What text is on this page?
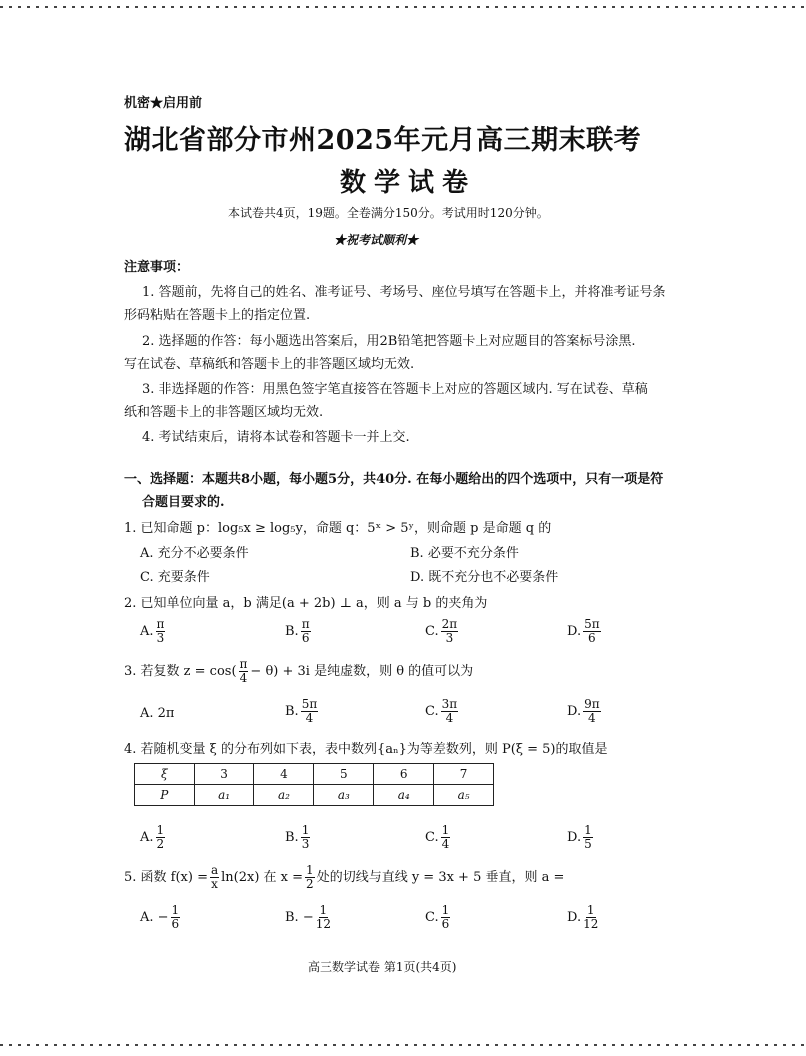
机密★启用前
湖北省部分市州2025年元月高三期末联考
数学试卷
本试卷共4页，19题。全卷满分150分。考试用时120分钟。
★祝考试顺利★
注意事项：
1. 答题前，先将自己的姓名、准考证号、考场号、座位号填写在答题卡上，并将准考证号条
形码粘贴在答题卡上的指定位置.
2. 选择题的作答：每小题选出答案后，用2B铅笔把答题卡上对应题目的答案标号涂黑.
写在试卷、草稿纸和答题卡上的非答题区域均无效.
3. 非选择题的作答：用黑色签字笔直接答在答题卡上对应的答题区域内. 写在试卷、草稿
纸和答题卡上的非答题区域均无效.
4. 考试结束后，请将本试卷和答题卡一并上交.
一、选择题：本题共8小题，每小题5分，共40分. 在每小题给出的四个选项中，只有一项是符
合题目要求的.
1. 已知命题 p：log₅x ≥ log₅y，命题 q：5ˣ > 5ʸ，则命题 p 是命题 q 的
A. 充分不必要条件	B. 必要不充分条件
C. 充要条件	D. 既不充分也不必要条件
2. 已知单位向量 a，b 满足(a + 2b) ⊥ a，则 a 与 b 的夹角为
A. $\frac{\pi}{3}$	B. $\frac{\pi}{6}$	C. $\frac{2\pi}{3}$	D. $\frac{5\pi}{6}$
3. 若复数 $z = \cos( \frac{\pi}{4} - \theta) + 3i$ 是纯虚数，则 θ 的值可以为
A. 2π	B. $\frac{5\pi}{4}$	C. $\frac{3\pi}{4}$	D. $\frac{9\pi}{4}$
4. 若随机变量 ξ 的分布列如下表，表中数列{aₙ}为等差数列，则 P(ξ = 5)的取值是
ξ	3	4	5	6	7
P	a₁	a₂	a₃	a₄	a₅
A. $\frac{1}{2}$	B. $\frac{1}{3}$	C. $\frac{1}{4}$	D. $\frac{1}{5}$
5. 函数 $f(x) = \frac{a}{x} \ln(2x)$ 在 $x = \frac{1}{2}$ 处的切线与直线 y = 3x + 5 垂直，则 a =
A. − $\frac{1}{6}$	B. − $\frac{1}{12}$	C. $\frac{1}{6}$	D. $\frac{1}{12}$
高三数学试卷 第1页(共4页)
